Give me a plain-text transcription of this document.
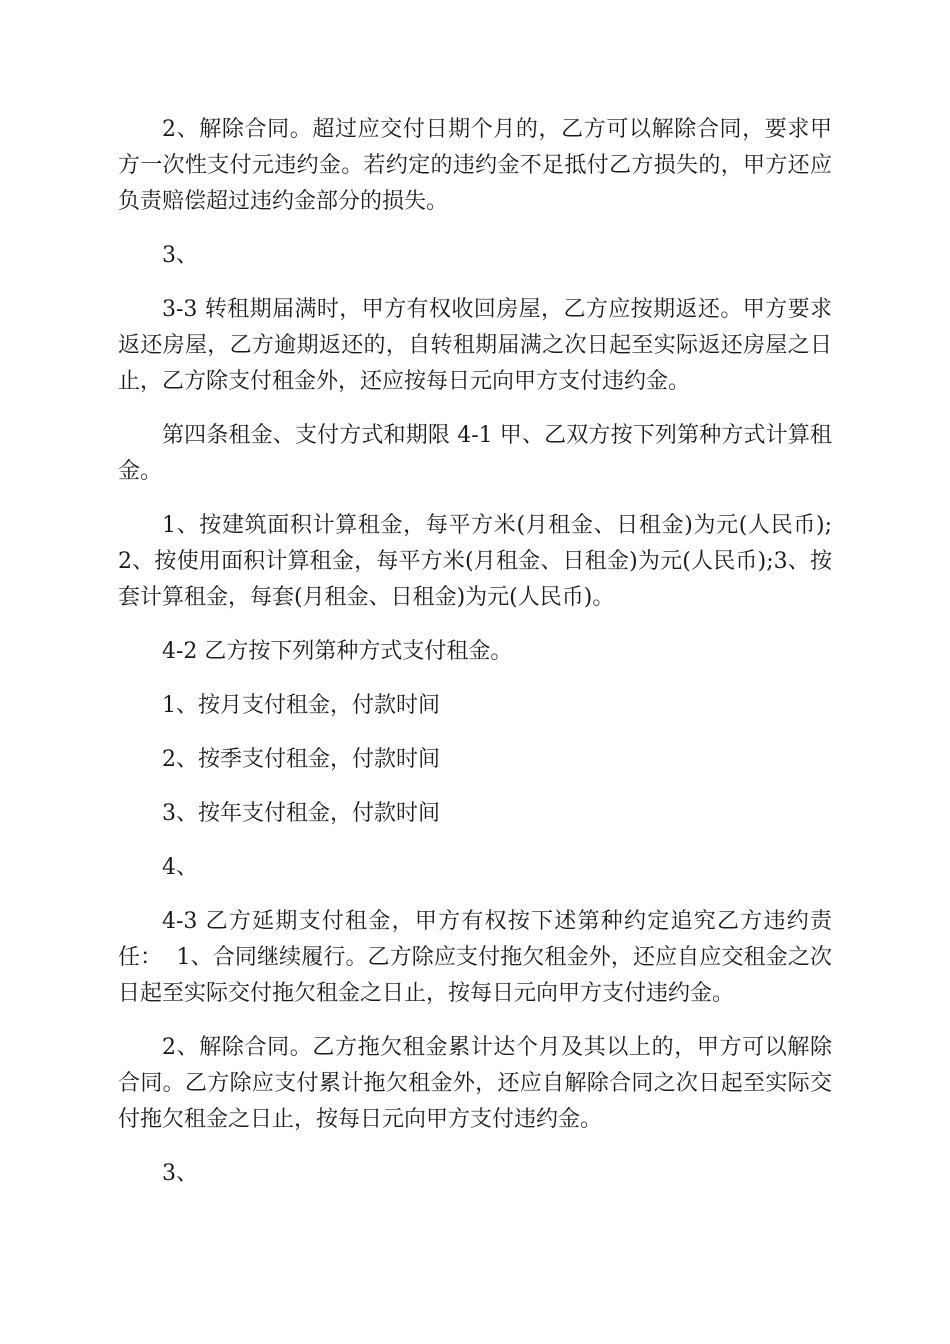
2、解除合同。超过应交付日期个月的，乙方可以解除合同，要求甲方一次性支付元违约金。若约定的违约金不足抵付乙方损失的，甲方还应负责赔偿超过违约金部分的损失。

3、

3-3 转租期届满时，甲方有权收回房屋，乙方应按期返还。甲方要求返还房屋，乙方逾期返还的，自转租期届满之次日起至实际返还房屋之日止，乙方除支付租金外，还应按每日元向甲方支付违约金。

第四条租金、支付方式和期限 4-1 甲、乙双方按下列第种方式计算租金。

1、按建筑面积计算租金，每平方米(月租金、日租金)为元(人民币);2、按使用面积计算租金，每平方米(月租金、日租金)为元(人民币);3、按套计算租金，每套(月租金、日租金)为元(人民币)。

4-2 乙方按下列第种方式支付租金。

1、按月支付租金，付款时间

2、按季支付租金，付款时间

3、按年支付租金，付款时间

4、

4-3 乙方延期支付租金，甲方有权按下述第种约定追究乙方违约责任：  1、合同继续履行。乙方除应支付拖欠租金外，还应自应交租金之次日起至实际交付拖欠租金之日止，按每日元向甲方支付违约金。

2、解除合同。乙方拖欠租金累计达个月及其以上的，甲方可以解除合同。乙方除应支付累计拖欠租金外，还应自解除合同之次日起至实际交付拖欠租金之日止，按每日元向甲方支付违约金。

3、
